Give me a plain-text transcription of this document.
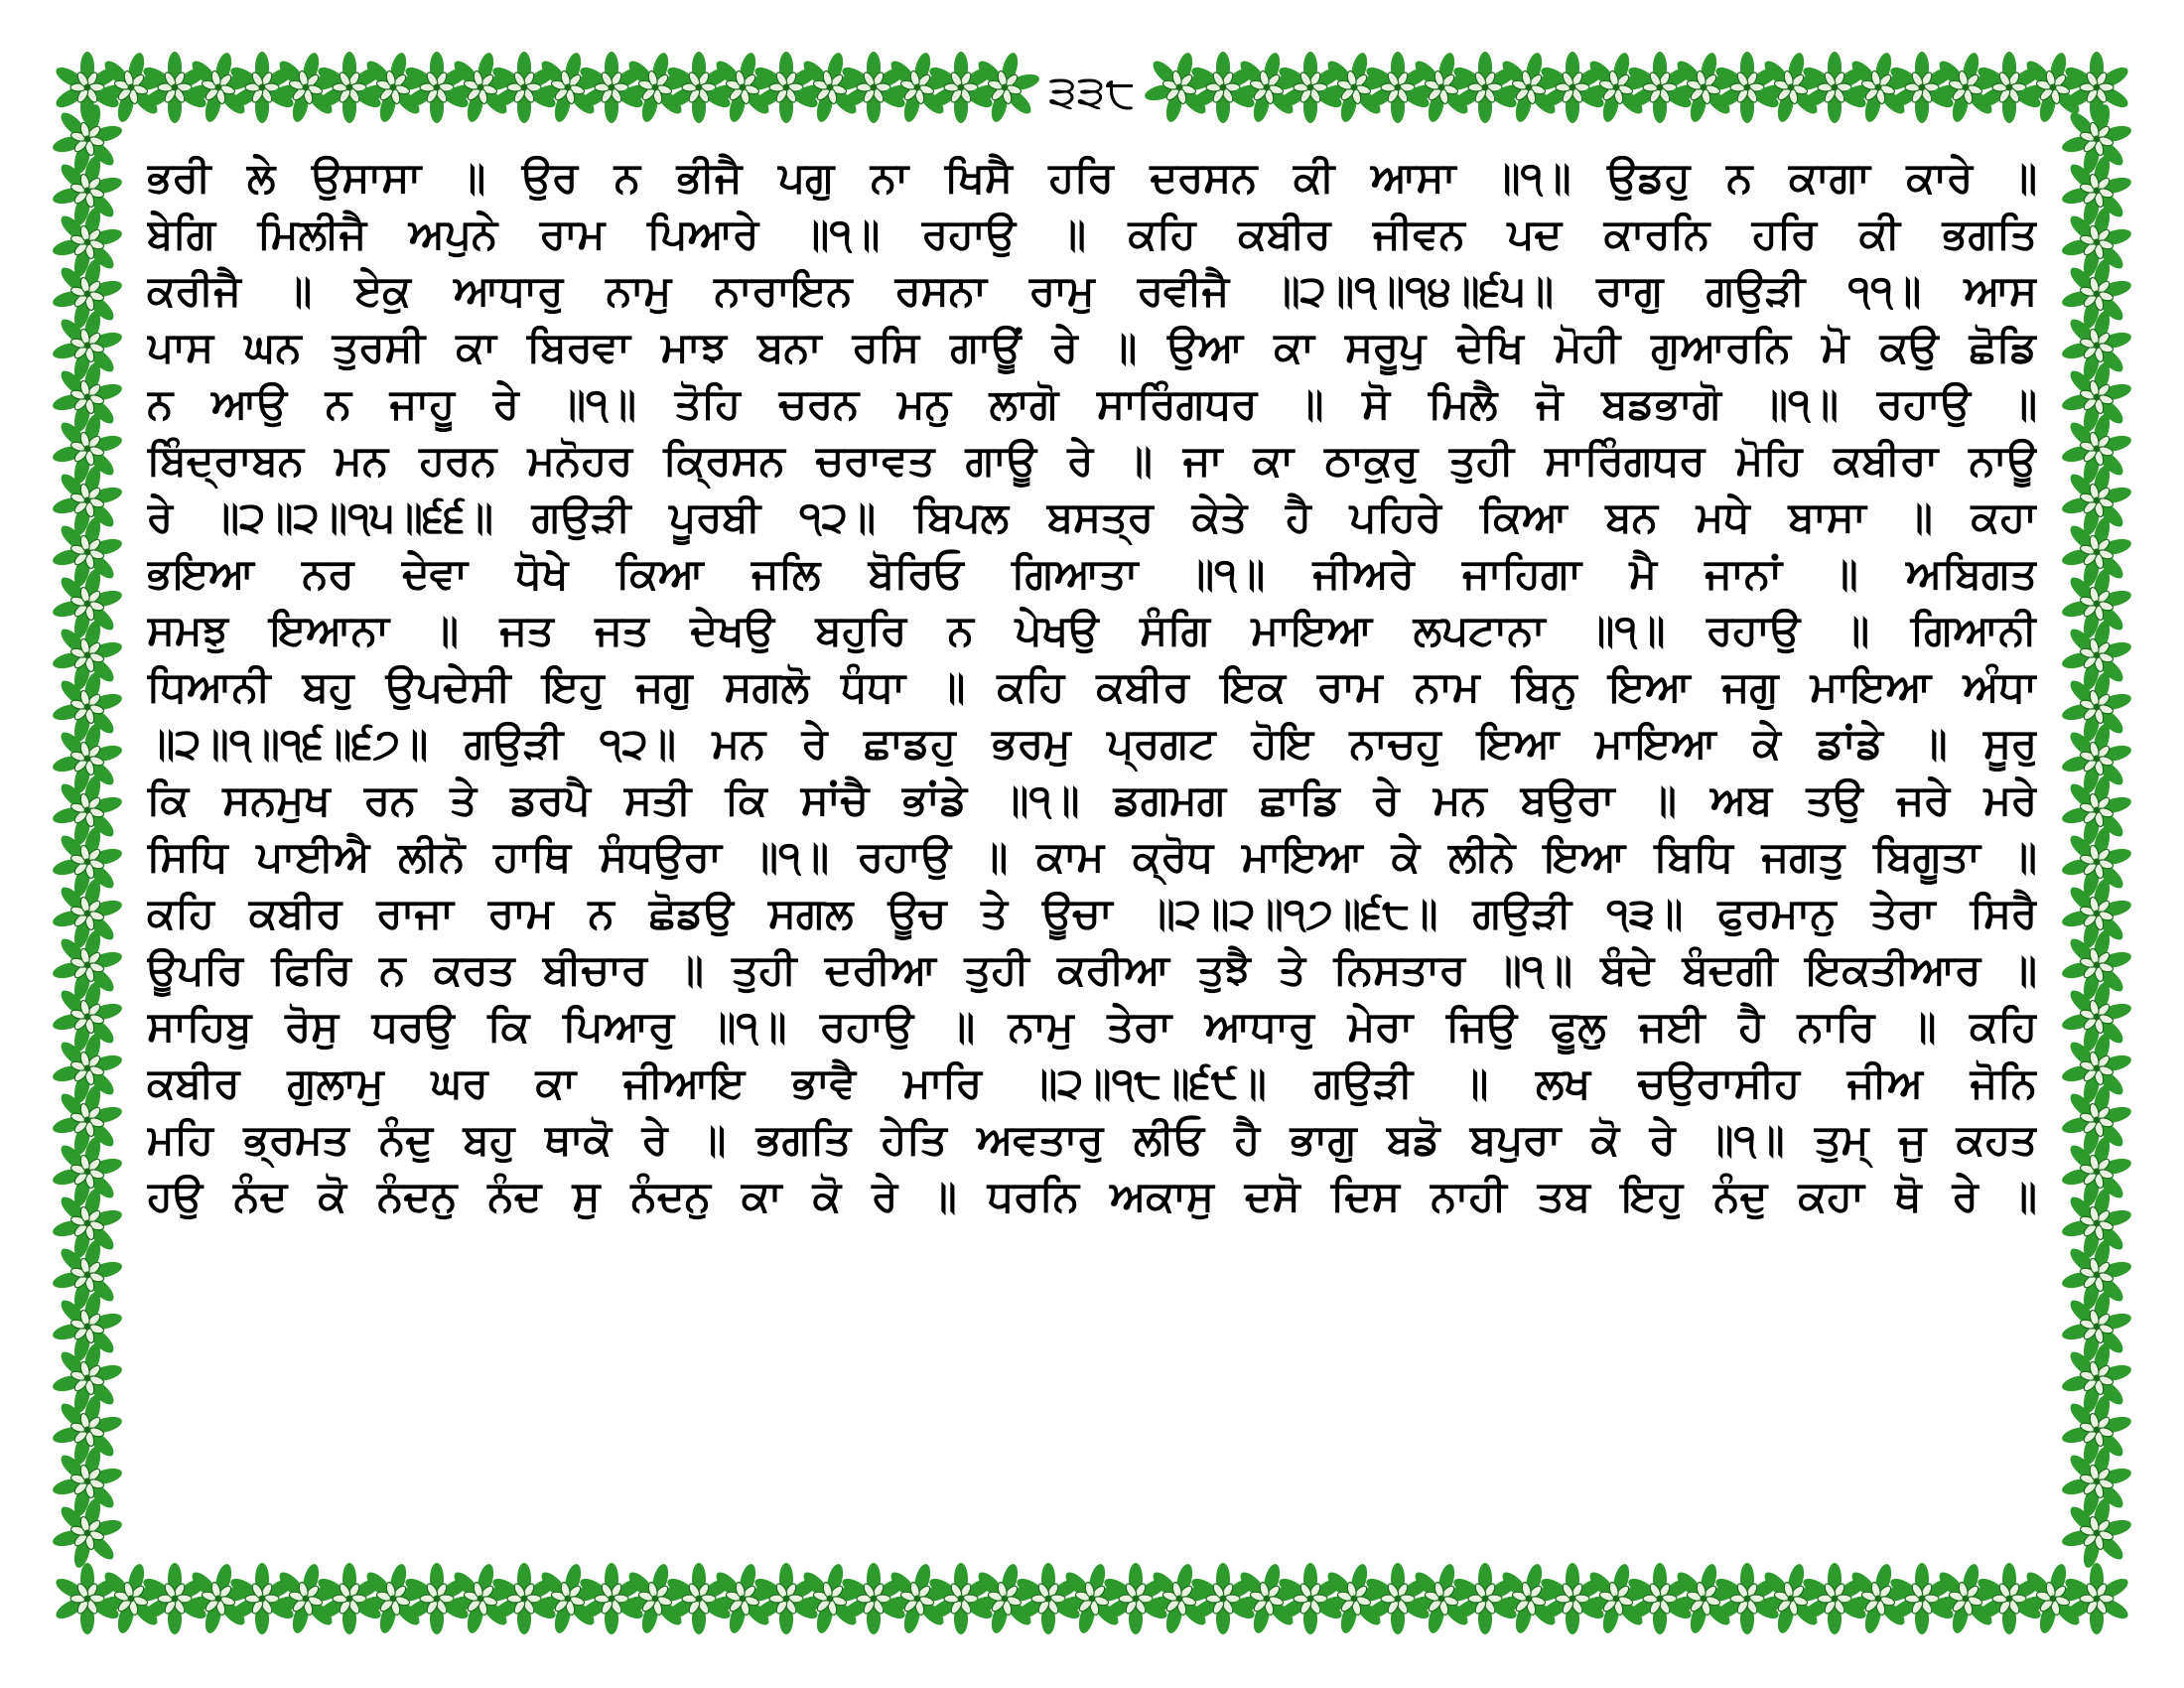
੩੩੮
ਭਰੀ ਲੇ ਉਸਾਸਾ ॥ ਉਰ ਨ ਭੀਜੈ ਪਗੁ ਨਾ ਖਿਸੈ ਹਰਿ ਦਰਸਨ ਕੀ ਆਸਾ ॥੧॥ ਉਡਹੁ ਨ ਕਾਗਾ ਕਾਰੇ ॥
ਬੇਗਿ ਮਿਲੀਜੈ ਅਪੁਨੇ ਰਾਮ ਪਿਆਰੇ ॥੧॥ ਰਹਾਉ ॥ ਕਹਿ ਕਬੀਰ ਜੀਵਨ ਪਦ ਕਾਰਨਿ ਹਰਿ ਕੀ ਭਗਤਿ
ਕਰੀਜੈ ॥ ਏਕੁ ਆਧਾਰੁ ਨਾਮੁ ਨਾਰਾਇਨ ਰਸਨਾ ਰਾਮੁ ਰਵੀਜੈ ॥੨॥੧॥੧੪॥੬੫॥ ਰਾਗੁ ਗਉੜੀ ੧੧॥ ਆਸ
ਪਾਸ ਘਨ ਤੁਰਸੀ ਕਾ ਬਿਰਵਾ ਮਾਝ ਬਨਾ ਰਸਿ ਗਾਊਂ ਰੇ ॥ ਉਆ ਕਾ ਸਰੂਪੁ ਦੇਖਿ ਮੋਹੀ ਗੁਆਰਨਿ ਮੋ ਕਉ ਛੋਡਿ
ਨ ਆਉ ਨ ਜਾਹੂ ਰੇ ॥੧॥ ਤੋਹਿ ਚਰਨ ਮਨੁ ਲਾਗੋ ਸਾਰਿੰਗਧਰ ॥ ਸੋ ਮਿਲੈ ਜੋ ਬਡਭਾਗੋ ॥੧॥ ਰਹਾਉ ॥
ਬਿੰਦ੍ਰਾਬਨ ਮਨ ਹਰਨ ਮਨੋਹਰ ਕ੍ਰਿਸਨ ਚਰਾਵਤ ਗਾਊ ਰੇ ॥ ਜਾ ਕਾ ਠਾਕੁਰੁ ਤੁਹੀ ਸਾਰਿੰਗਧਰ ਮੋਹਿ ਕਬੀਰਾ ਨਾਊ
ਰੇ ॥੨॥੨॥੧੫॥੬੬॥ ਗਉੜੀ ਪੂਰਬੀ ੧੨॥ ਬਿਪਲ ਬਸਤ੍ਰ ਕੇਤੇ ਹੈ ਪਹਿਰੇ ਕਿਆ ਬਨ ਮਧੇ ਬਾਸਾ ॥ ਕਹਾ
ਭਇਆ ਨਰ ਦੇਵਾ ਧੋਖੇ ਕਿਆ ਜਲਿ ਬੋਰਿਓ ਗਿਆਤਾ ॥੧॥ ਜੀਅਰੇ ਜਾਹਿਗਾ ਮੈ ਜਾਨਾਂ ॥ ਅਬਿਗਤ
ਸਮਝੁ ਇਆਨਾ ॥ ਜਤ ਜਤ ਦੇਖਉ ਬਹੁਰਿ ਨ ਪੇਖਉ ਸੰਗਿ ਮਾਇਆ ਲਪਟਾਨਾ ॥੧॥ ਰਹਾਉ ॥ ਗਿਆਨੀ
ਧਿਆਨੀ ਬਹੁ ਉਪਦੇਸੀ ਇਹੁ ਜਗੁ ਸਗਲੋ ਧੰਧਾ ॥ ਕਹਿ ਕਬੀਰ ਇਕ ਰਾਮ ਨਾਮ ਬਿਨੁ ਇਆ ਜਗੁ ਮਾਇਆ ਅੰਧਾ
॥੨॥੧॥੧੬॥੬੭॥ ਗਉੜੀ ੧੨॥ ਮਨ ਰੇ ਛਾਡਹੁ ਭਰਮੁ ਪ੍ਰਗਟ ਹੋਇ ਨਾਚਹੁ ਇਆ ਮਾਇਆ ਕੇ ਡਾਂਡੇ ॥ ਸੂਰੁ
ਕਿ ਸਨਮੁਖ ਰਨ ਤੇ ਡਰਪੈ ਸਤੀ ਕਿ ਸਾਂਚੈ ਭਾਂਡੇ ॥੧॥ ਡਗਮਗ ਛਾਡਿ ਰੇ ਮਨ ਬਉਰਾ ॥ ਅਬ ਤਉ ਜਰੇ ਮਰੇ
ਸਿਧਿ ਪਾਈਐ ਲੀਨੋ ਹਾਥਿ ਸੰਧਉਰਾ ॥੧॥ ਰਹਾਉ ॥ ਕਾਮ ਕ੍ਰੋਧ ਮਾਇਆ ਕੇ ਲੀਨੇ ਇਆ ਬਿਧਿ ਜਗਤੁ ਬਿਗੂਤਾ ॥
ਕਹਿ ਕਬੀਰ ਰਾਜਾ ਰਾਮ ਨ ਛੋਡਉ ਸਗਲ ਊਚ ਤੇ ਊਚਾ ॥੨॥੨॥੧੭॥੬੮॥ ਗਉੜੀ ੧੩॥ ਫੁਰਮਾਨੁ ਤੇਰਾ ਸਿਰੈ
ਊਪਰਿ ਫਿਰਿ ਨ ਕਰਤ ਬੀਚਾਰ ॥ ਤੁਹੀ ਦਰੀਆ ਤੁਹੀ ਕਰੀਆ ਤੁਝੈ ਤੇ ਨਿਸਤਾਰ ॥੧॥ ਬੰਦੇ ਬੰਦਗੀ ਇਕਤੀਆਰ ॥
ਸਾਹਿਬੁ ਰੋਸੁ ਧਰਉ ਕਿ ਪਿਆਰੁ ॥੧॥ ਰਹਾਉ ॥ ਨਾਮੁ ਤੇਰਾ ਆਧਾਰੁ ਮੇਰਾ ਜਿਉ ਫੂਲੁ ਜਈ ਹੈ ਨਾਰਿ ॥ ਕਹਿ
ਕਬੀਰ ਗੁਲਾਮੁ ਘਰ ਕਾ ਜੀਆਇ ਭਾਵੈ ਮਾਰਿ ॥੨॥੧੮॥੬੯॥ ਗਉੜੀ ॥ ਲਖ ਚਉਰਾਸੀਹ ਜੀਅ ਜੋਨਿ
ਮਹਿ ਭ੍ਰਮਤ ਨੰਦੁ ਬਹੁ ਥਾਕੋ ਰੇ ॥ ਭਗਤਿ ਹੇਤਿ ਅਵਤਾਰੁ ਲੀਓ ਹੈ ਭਾਗੁ ਬਡੋ ਬਪੁਰਾ ਕੋ ਰੇ ॥੧॥ ਤੁਮ੍ ਜੁ ਕਹਤ
ਹਉ ਨੰਦ ਕੋ ਨੰਦਨੁ ਨੰਦ ਸੁ ਨੰਦਨੁ ਕਾ ਕੋ ਰੇ ॥ ਧਰਨਿ ਅਕਾਸੁ ਦਸੋ ਦਿਸ ਨਾਹੀ ਤਬ ਇਹੁ ਨੰਦੁ ਕਹਾ ਥੋ ਰੇ ॥
